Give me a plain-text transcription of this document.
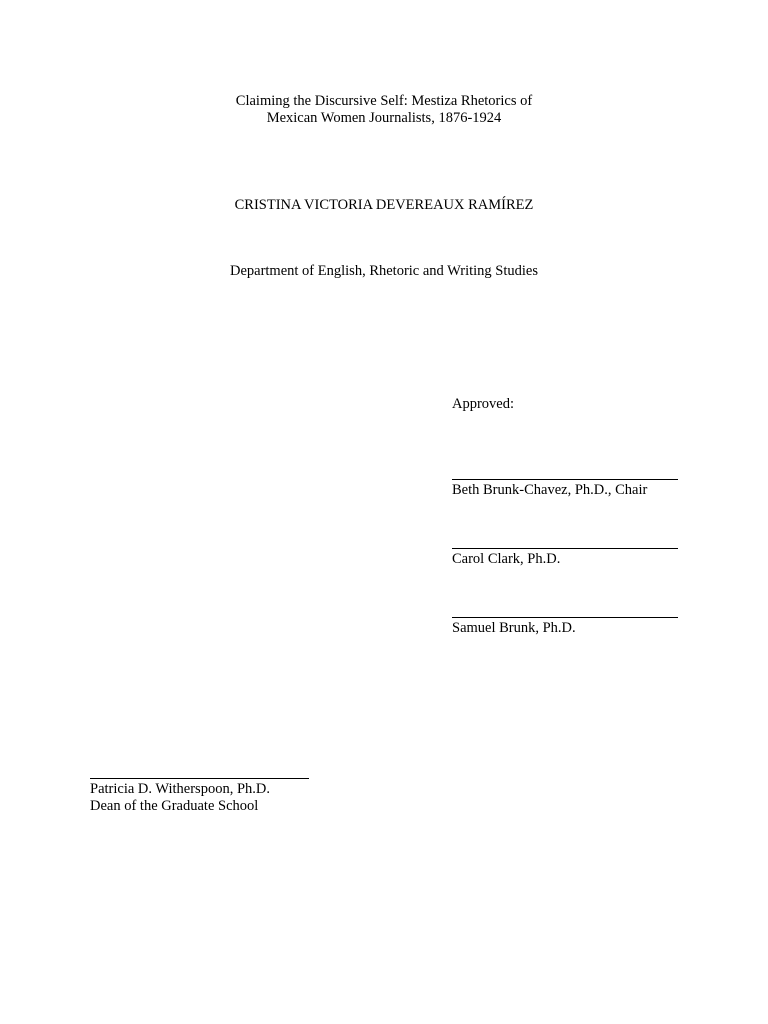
Claiming the Discursive Self: Mestiza Rhetorics of
Mexican Women Journalists, 1876-1924
CRISTINA VICTORIA DEVEREAUX RAMÍREZ
Department of English, Rhetoric and Writing Studies
Approved:
Beth Brunk-Chavez, Ph.D., Chair
Carol Clark, Ph.D.
Samuel Brunk, Ph.D.
Patricia D. Witherspoon, Ph.D.
Dean of the Graduate School
